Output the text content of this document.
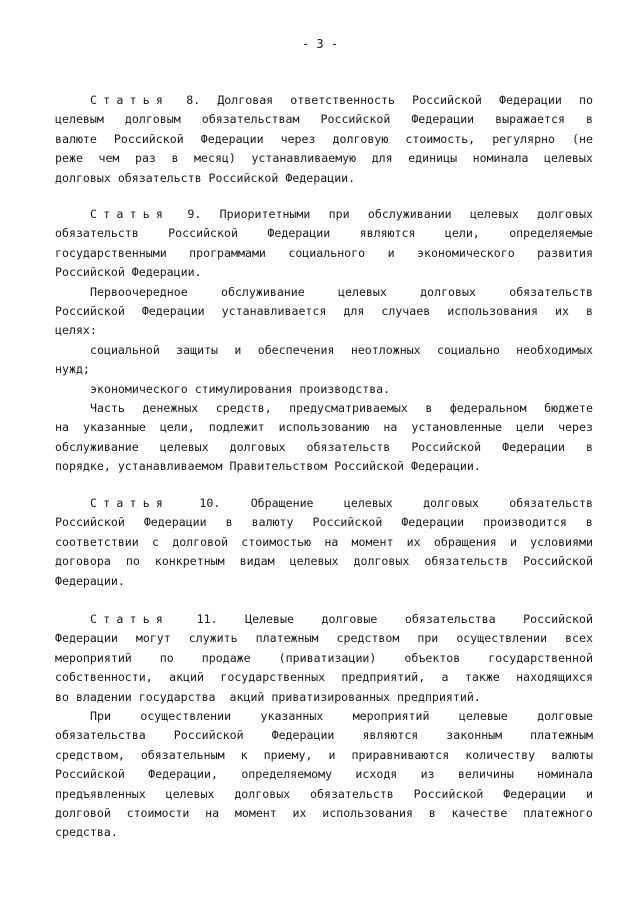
- 3 -
Статья 8. Долговая ответственность Российской Федерации по
целевым долговым обязательствам Российской Федерации выражается в
валюте Российской Федерации через долговую стоимость, регулярно (не
реже чем раз в месяц) устанавливаемую для единицы номинала целевых
долговых обязательств Российской Федерации.
Статья 9. Приоритетными при обслуживании целевых долговых
обязательств	Российской	Федерации	являются	цели,	определяемые
государственными программами социального и экономического развития
Российской Федерации.
Первоочередное	обслуживание	целевых	долговых	обязательств
Российской Федерации устанавливается для случаев использования их в
целях:
социальной защиты и обеспечения неотложных социально необходимых
нужд;
экономического стимулирования производства.
Часть денежных средств, предусматриваемых в федеральном бюджете
на указанные цели, подлежит использованию на установленные цели через
обслуживание целевых долговых обязательств Российской Федерации в
порядке, устанавливаемом Правительством Российской Федерации.
Статья	10.	Обращение	целевых	долговых	обязательств
Российской Федерации в валюту Российской Федерации производится в
соответствии с долговой стоимостью на момент их обращения и условиями
договора по конкретным видам целевых долговых обязательств Российской
Федерации.
Статья 11. Целевые долговые обязательства Российской
Федерации могут служить платежным средством при осуществлении всех
мероприятий по продаже (приватизации) объектов государственной
собственности, акций государственных предприятий, а также находящихся
во владении государства  акций приватизированных предприятий.
При	осуществлении	указанных	мероприятий	целевые	долговые
обязательства Российской Федерации являются законным платежным
средством, обязательным к приему, и приравниваются количеству валюты
Российской Федерации, определяемому исходя из величины номинала
предъявленных целевых долговых обязательств Российской Федерации и
долговой стоимости на момент их использования в качестве платежного
средства.
